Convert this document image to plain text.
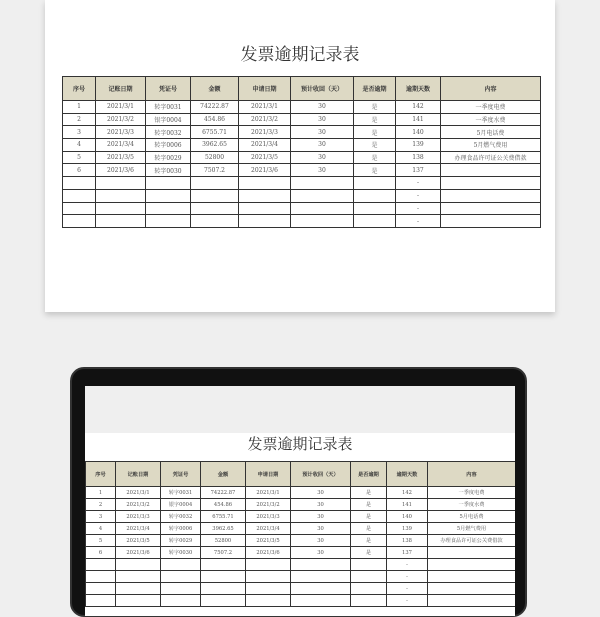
发票逾期记录表
序号	记账日期	凭证号	金额	申请日期	预计收回（天）	是否逾期	逾期天数	内容
1	2021/3/1	转字0031	74222.87	2021/3/1	30	是	142	一季度电费
2	2021/3/2	银字0004	454.86	2021/3/2	30	是	141	一季度水费
3	2021/3/3	转字0032	6755.71	2021/3/3	30	是	140	5月电话费
4	2021/3/4	转字0006	3962.65	2021/3/4	30	是	139	5月燃气费用
5	2021/3/5	转字0029	52800	2021/3/5	30	是	138	办理食品许可证公关费借款
6	2021/3/6	转字0030	7507.2	2021/3/6	30	是	137	
							-	
							-	
							-	
							-	
发票逾期记录表
序号	记账日期	凭证号	金额	申请日期	预计收回（天）	是否逾期	逾期天数	内容
1	2021/3/1	转字0031	74222.87	2021/3/1	30	是	142	一季度电费
2	2021/3/2	银字0004	454.86	2021/3/2	30	是	141	一季度水费
3	2021/3/3	转字0032	6755.71	2021/3/3	30	是	140	5月电话费
4	2021/3/4	转字0006	3962.65	2021/3/4	30	是	139	5月燃气费用
5	2021/3/5	转字0029	52800	2021/3/5	30	是	138	办理食品许可证公关费借款
6	2021/3/6	转字0030	7507.2	2021/3/6	30	是	137	
							-	
							-	
							-	
							-	
